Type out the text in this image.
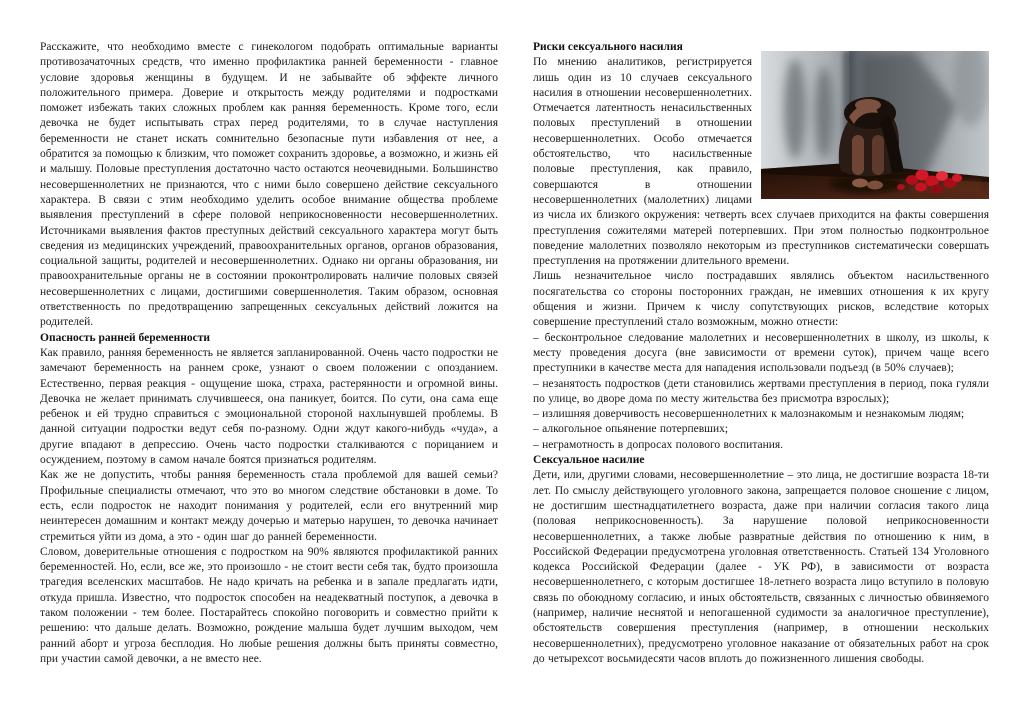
Расскажите, что необходимо вместе с гинекологом подобрать оптимальные варианты противозачаточных средств, что именно профилактика ранней беременности - главное условие здоровья женщины в будущем. И не забывайте об эффекте личного положительного примера. Доверие и открытость между родителями и подростками поможет избежать таких сложных проблем как ранняя беременность. Кроме того, если девочка не будет испытывать страх перед родителями, то в случае наступления беременности не станет искать сомнительно безопасные пути избавления от нее, а обратится за помощью к близким, что поможет сохранить здоровье, а возможно, и жизнь ей и малышу. Половые преступления достаточно часто остаются неочевидными. Большинство несовершеннолетних не признаются, что с ними было совершено действие сексуального характера. В связи с этим необходимо уделить особое внимание общества проблеме выявления преступлений в сфере половой неприкосновенности несовершеннолетних. Источниками выявления фактов преступных действий сексуального характера могут быть сведения из медицинских учреждений, правоохранительных органов, органов образования, социальной защиты, родителей и несовершеннолетних. Однако ни органы образования, ни правоохранительные органы не в состоянии проконтролировать наличие половых связей несовершеннолетних с лицами, достигшими совершеннолетия. Таким образом, основная ответственность по предотвращению запрещенных сексуальных действий ложится на родителей.

Опасность ранней беременности

Как правило, ранняя беременность не является запланированной. Очень часто подростки не замечают беременность на раннем сроке, узнают о своем положении с опозданием. Естественно, первая реакция - ощущение шока, страха, растерянности и огромной вины. Девочка не желает принимать случившееся, она паникует, боится. По сути, она сама еще ребенок и ей трудно справиться с эмоциональной стороной нахлынувшей проблемы. В данной ситуации подростки ведут себя по-разному. Одни ждут какого-нибудь «чуда», а другие впадают в депрессию. Очень часто подростки сталкиваются с порицанием и осуждением, поэтому в самом начале боятся признаться родителям.

Как же не допустить, чтобы ранняя беременность стала проблемой для вашей семьи? Профильные специалисты отмечают, что это во многом следствие обстановки в доме. То есть, если подросток не находит понимания у родителей, если его внутренний мир неинтересен домашним и контакт между дочерью и матерью нарушен, то девочка начинает стремиться уйти из дома, а это - один шаг до ранней беременности.

Словом, доверительные отношения с подростком на 90% являются профилактикой ранних беременностей. Но, если, все же, это произошло - не стоит вести себя так, будто произошла трагедия вселенских масштабов. Не надо кричать на ребенка и в запале предлагать идти, откуда пришла. Известно, что подросток способен на неадекватный поступок, а девочка в таком положении - тем более. Постарайтесь спокойно поговорить и совместно прийти к решению: что дальше делать. Возможно, рождение малыша будет лучшим выходом, чем ранний аборт и угроза бесплодия. Но любые решения должны быть приняты совместно, при участии самой девочки, а не вместо нее.

Риски сексуального насилия

По мнению аналитиков, регистрируется лишь один из 10 случаев сексуального насилия в отношении несовершеннолетних. Отмечается латентность ненасильственных половых преступлений в отношении несовершеннолетних. Особо отмечается обстоятельство, что насильственные половые преступления, как правило, совершаются в отношении несовершеннолетних (малолетних) лицами из числа их близкого окружения: четверть всех случаев приходится на факты совершения преступления сожителями матерей потерпевших. При этом полностью подконтрольное поведение малолетних позволяло некоторым из преступников систематически совершать преступления на протяжении длительного времени.

Лишь незначительное число пострадавших являлись объектом насильственного посягательства со стороны посторонних граждан, не имевших отношения к их кругу общения и жизни. Причем к числу сопутствующих рисков, вследствие которых совершение преступлений стало возможным, можно отнести:

– бесконтрольное следование малолетних и несовершеннолетних в школу, из школы, к месту проведения досуга (вне зависимости от времени суток), причем чаще всего преступники в качестве места для нападения использовали подъезд (в 50% случаев);

– незанятость подростков (дети становились жертвами преступления в период, пока гуляли по улице, во дворе дома по месту жительства без присмотра взрослых);

– излишняя доверчивость несовершеннолетних к малознакомым и незнакомым людям;

– алкогольное опьянение потерпевших;

– неграмотность в допросах полового воспитания.

Сексуальное насилие

Дети, или, другими словами, несовершеннолетние – это лица, не достигшие возраста 18-ти лет. По смыслу действующего уголовного закона, запрещается половое сношение с лицом, не достигшим шестнадцатилетнего возраста, даже при наличии согласия такого лица (половая неприкосновенность). За нарушение половой неприкосновенности несовершеннолетних, а также любые развратные действия по отношению к ним, в Российской Федерации предусмотрена уголовная ответственность. Статьей 134 Уголовного кодекса Российской Федерации (далее - УК РФ), в зависимости от возраста несовершеннолетнего, с которым достигшее 18-летнего возраста лицо вступило в половую связь по обоюдному согласию, и иных обстоятельств, связанных с личностью обвиняемого (например, наличие неснятой и непогашенной судимости за аналогичное преступление), обстоятельств совершения преступления (например, в отношении нескольких несовершеннолетних), предусмотрено уголовное наказание от обязательных работ на срок до четырехсот восьмидесяти часов вплоть до пожизненного лишения свободы.
